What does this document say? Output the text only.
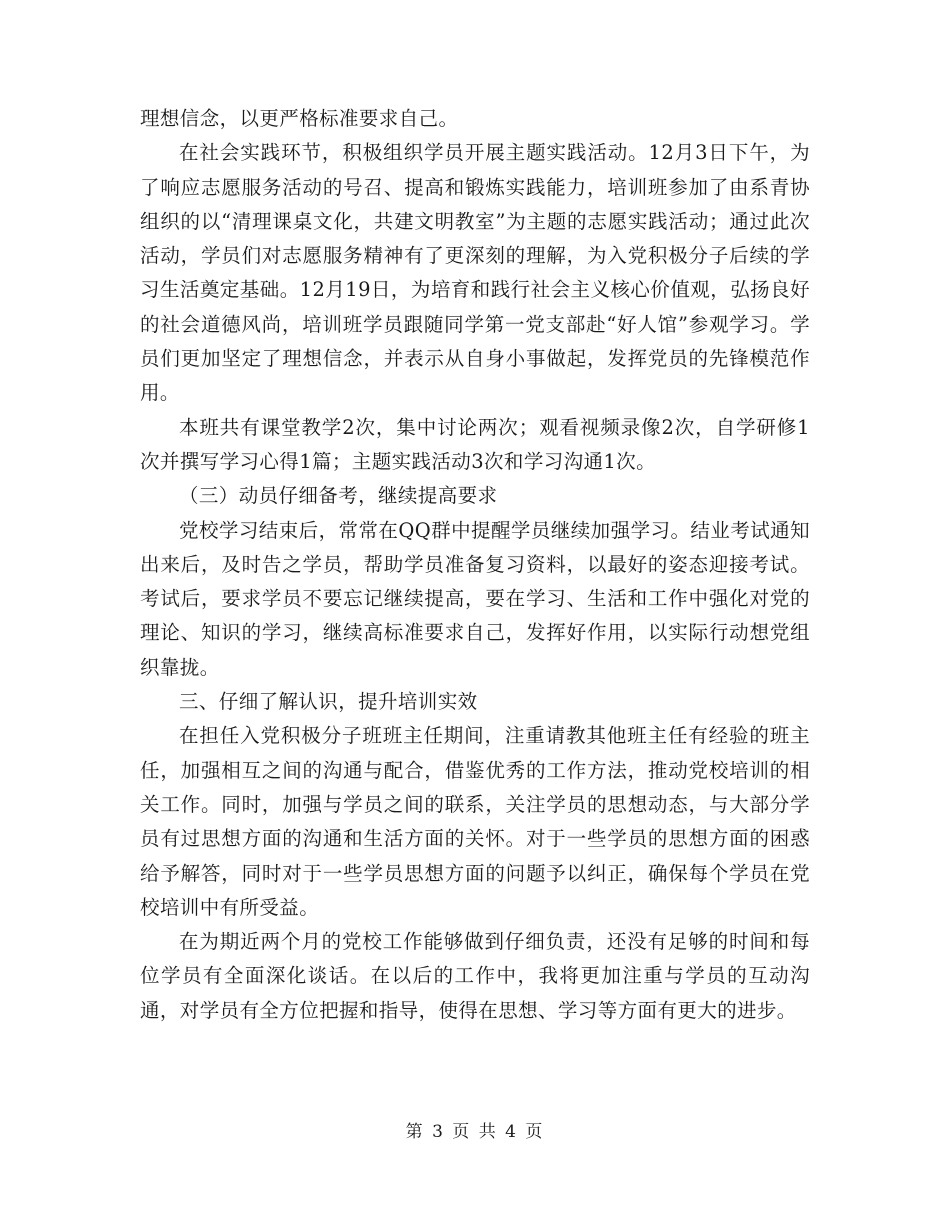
理想信念，以更严格标准要求自己。

在社会实践环节，积极组织学员开展主题实践活动。12月3日下午，为了响应志愿服务活动的号召、提高和锻炼实践能力，培训班参加了由系青协组织的以“清理课桌文化，共建文明教室”为主题的志愿实践活动；通过此次活动，学员们对志愿服务精神有了更深刻的理解，为入党积极分子后续的学习生活奠定基础。12月19日，为培育和践行社会主义核心价值观，弘扬良好的社会道德风尚，培训班学员跟随同学第一党支部赴“好人馆”参观学习。学员们更加坚定了理想信念，并表示从自身小事做起，发挥党员的先锋模范作用。

本班共有课堂教学2次，集中讨论两次；观看视频录像2次，自学研修1次并撰写学习心得1篇；主题实践活动3次和学习沟通1次。

（三）动员仔细备考，继续提高要求

党校学习结束后，常常在QQ群中提醒学员继续加强学习。结业考试通知出来后，及时告之学员，帮助学员准备复习资料，以最好的姿态迎接考试。考试后，要求学员不要忘记继续提高，要在学习、生活和工作中强化对党的理论、知识的学习，继续高标准要求自己，发挥好作用，以实际行动想党组织靠拢。

三、仔细了解认识，提升培训实效

在担任入党积极分子班班主任期间，注重请教其他班主任有经验的班主任，加强相互之间的沟通与配合，借鉴优秀的工作方法，推动党校培训的相关工作。同时，加强与学员之间的联系，关注学员的思想动态，与大部分学员有过思想方面的沟通和生活方面的关怀。对于一些学员的思想方面的困惑给予解答，同时对于一些学员思想方面的问题予以纠正，确保每个学员在党校培训中有所受益。

在为期近两个月的党校工作能够做到仔细负责，还没有足够的时间和每位学员有全面深化谈话。在以后的工作中，我将更加注重与学员的互动沟通，对学员有全方位把握和指导，使得在思想、学习等方面有更大的进步。

第 3 页 共 4 页
